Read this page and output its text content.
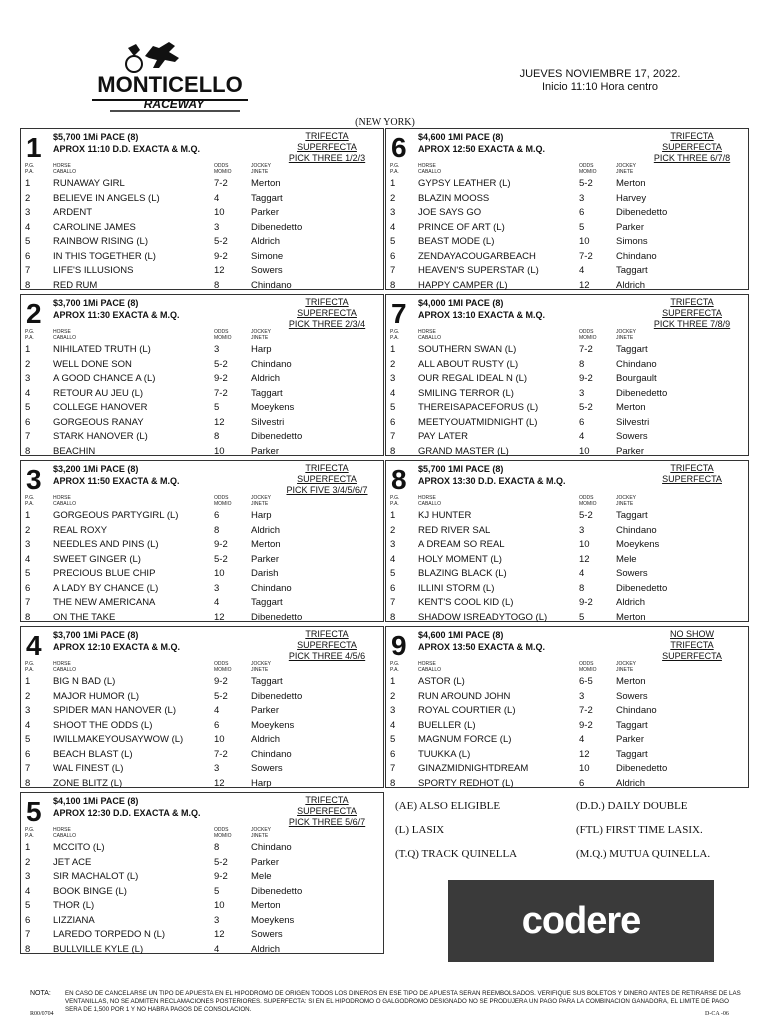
MONTICELLO
RACEWAY
JUEVES NOVIEMBRE 17, 2022.
Inicio 11:10 Hora centro
(NEW YORK)
1 $5,700 1Mi PACE (8)
APROX 11:10 D.D. EXACTA & M.Q.
TRIFECTA
SUPERFECTA
PICK THREE 1/2/3
P.G.
P.A.
HORSE
CABALLO
ODDS
MOMIO
JOCKEY
JINETE
1 RUNAWAY GIRL	7-2 Merton
2 BELIEVE IN ANGELS (L)	4	Taggart
3 ARDENT	10	Parker
4 CAROLINE JAMES	3	Dibenedetto
5 RAINBOW RISING (L)	5-2 Aldrich
6 IN THIS TOGETHER (L)	9-2 Simone
7 LIFE'S ILLUSIONS	12	Sowers
8 RED RUM	8	Chindano
2 $3,700 1Mi PACE (8)
APROX 11:30 EXACTA & M.Q.
TRIFECTA
SUPERFECTA
PICK THREE 2/3/4
P.G.
P.A.
HORSE
CABALLO
ODDS
MOMIO
JOCKEY
JINETE
1 NIHILATED TRUTH (L)	3	Harp
2 WELL DONE SON	5-2 Chindano
3 A GOOD CHANCE A (L)	9-2 Aldrich
4 RETOUR AU JEU (L)	7-2 Taggart
5 COLLEGE HANOVER	5	Moeykens
6 GORGEOUS RANAY	12	Silvestri
7 STARK HANOVER (L)	8	Dibenedetto
8 BEACHIN	10	Parker
3 $3,200 1Mi PACE (8)
APROX 11:50 EXACTA & M.Q.
TRIFECTA
SUPERFECTA
PICK FIVE 3/4/5/6/7
P.G.
P.A.
HORSE
CABALLO
ODDS
MOMIO
JOCKEY
JINETE
1 GORGEOUS PARTYGIRL (L)	6	Harp
2 REAL ROXY	8	Aldrich
3 NEEDLES AND PINS (L)	9-2 Merton
4 SWEET GINGER (L)	5-2 Parker
5 PRECIOUS BLUE CHIP	10	Darish
6 A LADY BY CHANCE (L)	3	Chindano
7 THE NEW AMERICANA	4	Taggart
8 ON THE TAKE	12	Dibenedetto
4 $3,700 1Mi PACE (8)
APROX 12:10 EXACTA & M.Q.
TRIFECTA
SUPERFECTA
PICK THREE 4/5/6
P.G.
P.A.
HORSE
CABALLO
ODDS
MOMIO
JOCKEY
JINETE
1 BIG N BAD (L)	9-2 Taggart
2 MAJOR HUMOR (L)	5-2 Dibenedetto
3 SPIDER MAN HANOVER (L)	4	Parker
4 SHOOT THE ODDS (L)	6	Moeykens
5 IWILLMAKEYOUSAYWOW (L)	10	Aldrich
6 BEACH BLAST (L)	7-2 Chindano
7 WAL FINEST (L)	3	Sowers
8 ZONE BLITZ (L)	12	Harp
5 $4,100 1Mi PACE (8)
APROX 12:30 D.D. EXACTA & M.Q.
TRIFECTA
SUPERFECTA
PICK THREE 5/6/7
P.G.
P.A.
HORSE
CABALLO
ODDS
MOMIO
JOCKEY
JINETE
1 MCCITO (L)	8	Chindano
2 JET ACE	5-2 Parker
3 SIR MACHALOT (L)	9-2 Mele
4 BOOK BINGE (L)	5	Dibenedetto
5 THOR (L)	10	Merton
6 LIZZIANA	3	Moeykens
7 LAREDO TORPEDO N (L)	12	Sowers
8 BULLVILLE KYLE (L)	4	Aldrich
6 $4,600 1MI PACE (8)
APROX 12:50 EXACTA & M.Q.
TRIFECTA
SUPERFECTA
PICK THREE 6/7/8
P.G.
P.A.
HORSE
CABALLO
ODDS
MOMIO
JOCKEY
JINETE
1 GYPSY LEATHER (L)	5-2 Merton
2 BLAZIN MOOSS	3	Harvey
3 JOE SAYS GO	6	Dibenedetto
4 PRINCE OF ART (L)	5	Parker
5 BEAST MODE (L)	10	Simons
6 ZENDAYACOUGARBEACH	7-2 Chindano
7 HEAVEN'S SUPERSTAR (L)	4	Taggart
8 HAPPY CAMPER (L)	12	Aldrich
7 $4,000 1MI PACE (8)
APROX 13:10 EXACTA & M.Q.
TRIFECTA
SUPERFECTA
PICK THREE 7/8/9
P.G.
P.A.
HORSE
CABALLO
ODDS
MOMIO
JOCKEY
JINETE
1 SOUTHERN SWAN (L)	7-2 Taggart
2 ALL ABOUT RUSTY (L)	8	Chindano
3 OUR REGAL IDEAL N (L)	9-2 Bourgault
4 SMILING TERROR (L)	3	Dibenedetto
5 THEREISAPACEFORUS (L)	5-2 Merton
6 MEETYOUATMIDNIGHT (L)	6	Silvestri
7 PAY LATER	4	Sowers
8 GRAND MASTER (L)	10	Parker
8 $5,700 1MI PACE (8)
APROX 13:30 D.D. EXACTA & M.Q.
TRIFECTA
SUPERFECTA
P.G.
P.A.
HORSE
CABALLO
ODDS
MOMIO
JOCKEY
JINETE
1 KJ HUNTER	5-2 Taggart
2 RED RIVER SAL	3	Chindano
3 A DREAM SO REAL	10	Moeykens
4 HOLY MOMENT (L)	12	Mele
5 BLAZING BLACK (L)	4	Sowers
6 ILLINI STORM (L)	8	Dibenedetto
7 KENT'S COOL KID (L)	9-2 Aldrich
8 SHADOW ISREADYTOGO (L)	5	Merton
9 $4,600 1MI PACE (8)
APROX 13:50 EXACTA & M.Q.
NO SHOW
TRIFECTA
SUPERFECTA
P.G.
P.A.
HORSE
CABALLO
ODDS
MOMIO
JOCKEY
JINETE
1 ASTOR (L)	6-5 Merton
2 RUN AROUND JOHN	3	Sowers
3 ROYAL COURTIER (L)	7-2 Chindano
4 BUELLER (L)	9-2 Taggart
5 MAGNUM FORCE (L)	4	Parker
6 TUUKKA (L)	12	Taggart
7 GINAZMIDNIGHTDREAM	10	Dibenedetto
8 SPORTY REDHOT (L)	6	Aldrich
(AE) ALSO ELIGIBLE	(D.D.) DAILY DOUBLE
(L) LASIX	(FTL) FIRST TIME LASIX.
(T.Q) TRACK QUINELLA	(M.Q.) MUTUA QUINELLA.
codere
NOTA: EN CASO DE CANCELARSE UN TIPO DE APUESTA EN EL HIPODROMO DE ORIGEN TODOS LOS DINEROS EN ESE TIPO DE APUESTA SERAN REEMBOLSADOS. VERIFIQUE SUS BOLETOS Y DINERO ANTES DE RETIRARSE DE LAS VENTANILLAS, NO SE ADMITEN RECLAMACIONES POSTERIORES. SUPERFECTA: SI EN EL HIPODROMO O GALGODROMO DESIGNADO NO SE PRODUJERA UN PAGO PARA LA COMBINACION GANADORA, EL LIMITE DE PAGO SERA DE 1,500 POR 1 Y NO HABRA PAGOS DE CONSOLACION.
R00/0704	D-CA -06
